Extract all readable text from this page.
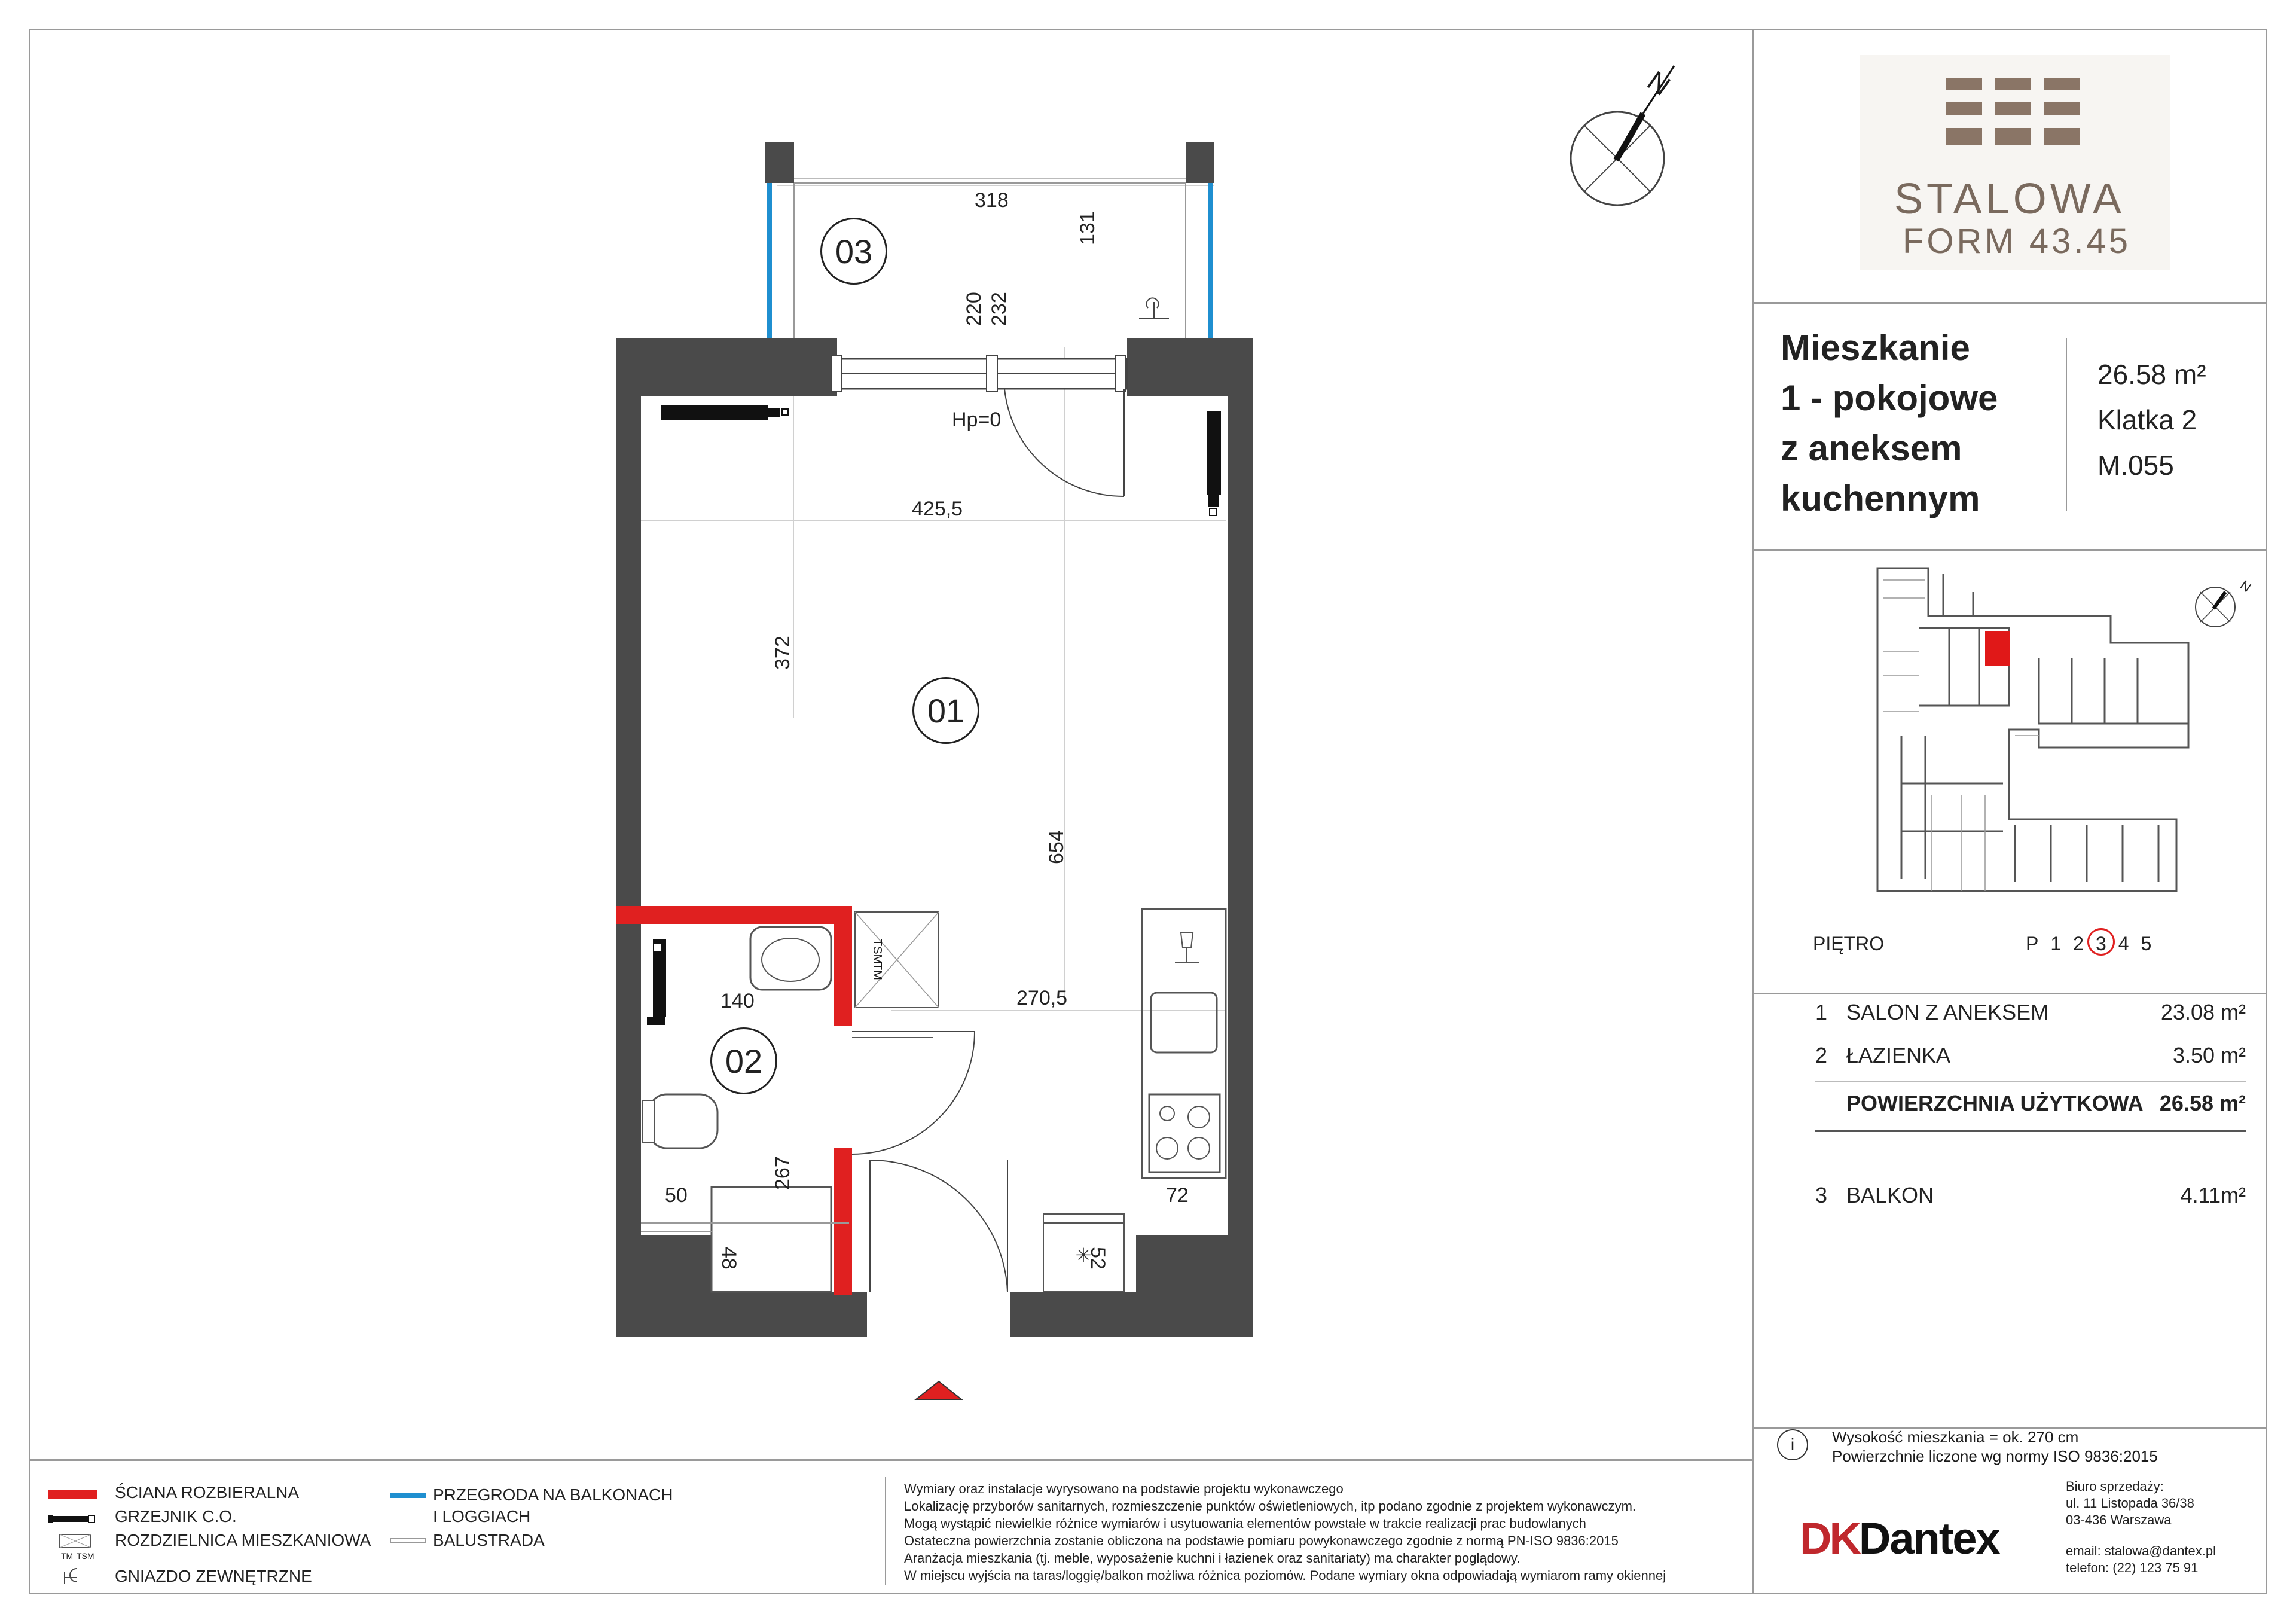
✳
N
318
131
220 232
Hp=0
425,5
372
654
270,5
140
267
50	72
48	52
TM
TSM
03
01
02
STALOWA
FORM 43.45
Mieszkanie
1 - pokojowe
z aneksem
kuchennym
26.58 m²
Klatka 2
M.055
N
PIĘTRO	P 1 2 3 4 5
1 SALON Z ANEKSEM	23.08 m²
2 ŁAZIENKA	3.50 m²
POWIERZCHNIA UŻYTKOWA 26.58 m²
3 BALKON	4.11m²
i	Wysokość mieszkania = ok. 270 cm
Powierzchnie liczone wg normy ISO 9836:2015
DK Dantex
Biuro sprzedaży:
ul. 11 Listopada 36/38
03-436 Warszawa
email: stalowa@dantex.pl
telefon: (22) 123 75 91
TM TSM
ŚCIANA ROZBIERALNA
GRZEJNIK C.O.
ROZDZIELNICA MIESZKANIOWA
GNIAZDO ZEWNĘTRZNE
PRZEGRODA NA BALKONACH
I LOGGIACH
BALUSTRADA
Wymiary oraz instalacje wyrysowano na podstawie projektu wykonawczego
Lokalizację przyborów sanitarnych, rozmieszczenie punktów oświetleniowych, itp podano zgodnie z projektem wykonawczym.
Mogą wystąpić niewielkie różnice wymiarów i usytuowania elementów powstałe w trakcie realizacji prac budowlanych
Ostateczna powierzchnia zostanie obliczona na podstawie pomiaru powykonawczego zgodnie z normą PN-ISO 9836:2015
Aranżacja mieszkania (tj. meble, wyposażenie kuchni i łazienek oraz sanitariaty) ma charakter poglądowy.
W miejscu wyjścia na taras/loggię/balkon możliwa różnica poziomów. Podane wymiary okna odpowiadają wymiarom ramy okiennej
